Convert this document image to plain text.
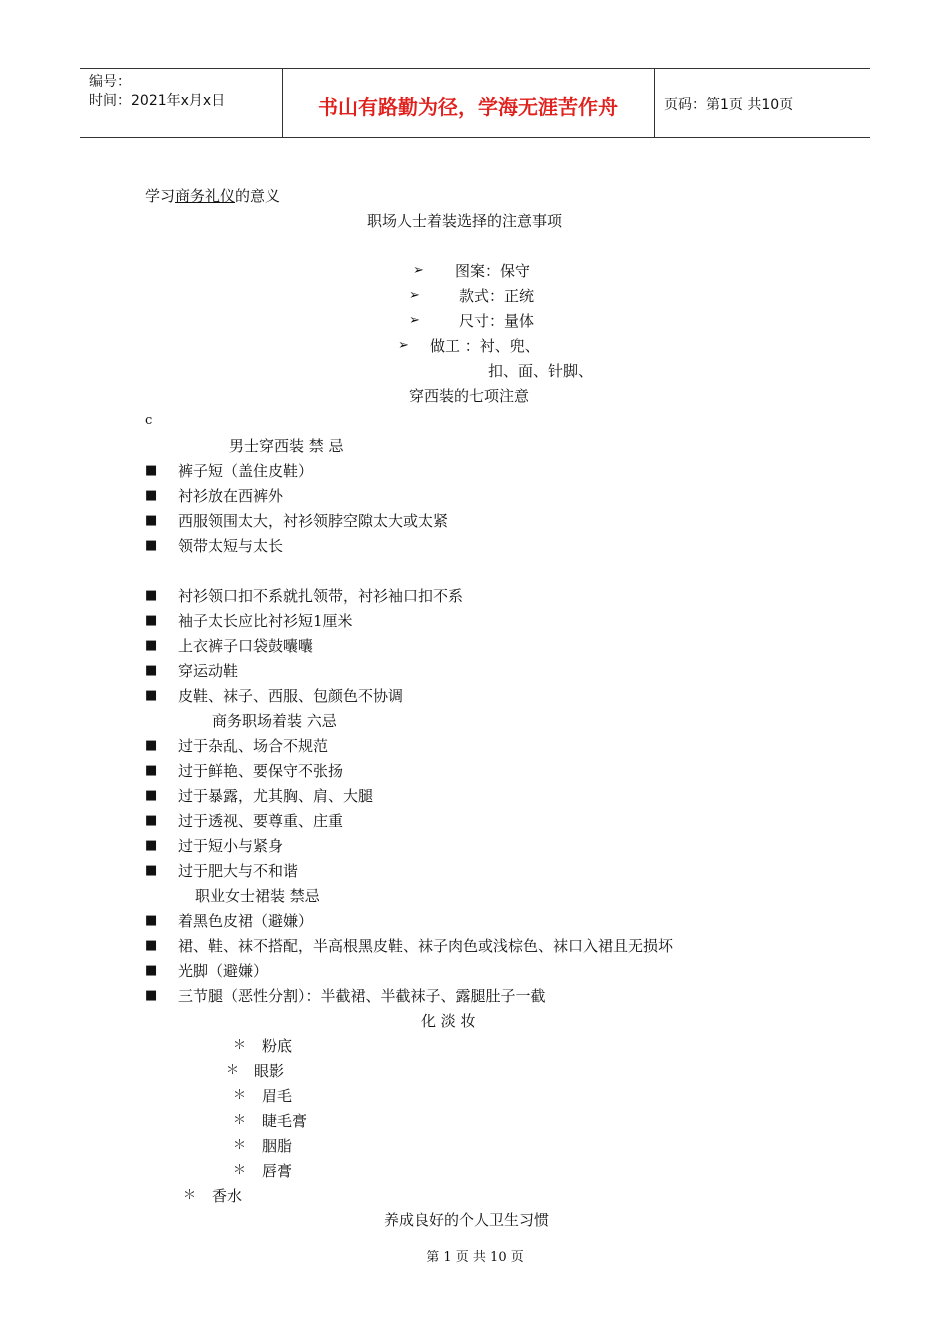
编号：
时间：2021年x月x日	书山有路勤为径，学海无涯苦作舟	页码：第1页 共10页
学习商务礼仪的意义
职场人士着装选择的注意事项
➢ 图案：保守
➢	款式：正统
➢	尺寸：量体
➢ 做工 ：衬、兜、
扣、面、针脚、
穿西装的七项注意
c
男士穿西装 禁 忌
■ 裤子短（盖住皮鞋）
■ 衬衫放在西裤外
■ 西服领围太大，衬衫领脖空隙太大或太紧
■ 领带太短与太长
■ 衬衫领口扣不系就扎领带，衬衫袖口扣不系
■ 袖子太长应比衬衫短1厘米
■ 上衣裤子口袋鼓囔囔
■ 穿运动鞋
■ 皮鞋、袜子、西服、包颜色不协调
商务职场着装 六忌
■ 过于杂乱、场合不规范
■ 过于鲜艳、要保守不张扬
■ 过于暴露，尤其胸、肩、大腿
■ 过于透视、要尊重、庄重
■ 过于短小与紧身
■ 过于肥大与不和谐
职业女士裙装 禁忌
■ 着黑色皮裙（避嫌）
■ 裙、鞋、袜不搭配，半高根黑皮鞋、袜子肉色或浅棕色、袜口入裙且无损坏
■ 光脚（避嫌）
■ 三节腿（恶性分割）：半截裙、半截袜子、露腿肚子一截
化 淡 妆
＊ 粉底
＊ 眼影
＊ 眉毛
＊ 睫毛膏
＊ 胭脂
＊ 唇膏
＊ 香水
养成良好的个人卫生习惯
第 1 页 共 10 页
